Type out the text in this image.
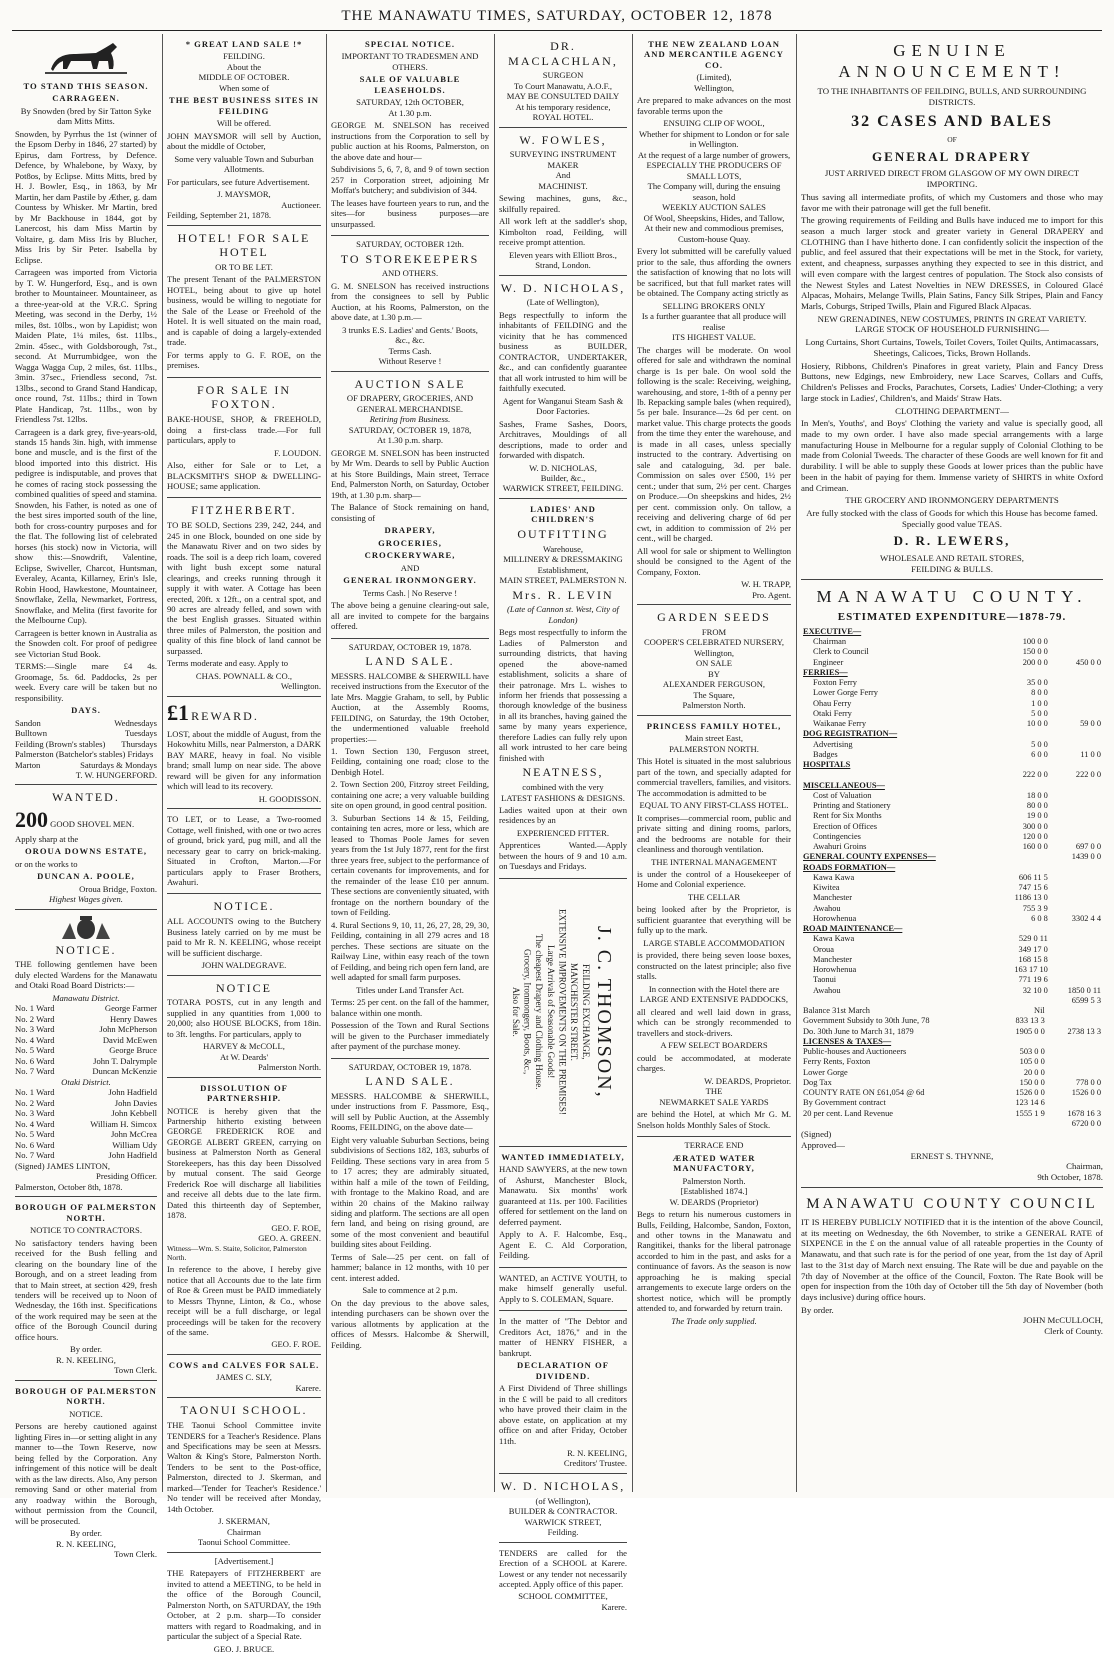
THE MANAWATU TIMES, SATURDAY, OCTOBER 12, 1878
TO STAND THIS SEASON.
CARRAGEEN.

By Snowden (bred by Sir Tatton Syke dam Mitts Mitts.

Snowden, by Pyrrhus the 1st (winner of the Epsom Derby in 1846, 27 started) by Epirus, dam Fortress, by Defence. Defence, by Whalebone, by Waxy, by Pot8os, by Eclipse. Mitts Mitts, bred by H. J. Bowler, Esq., in 1863, by Mr Martin, her dam Pastile by Æther, g. dam Countess by Whisker. Mr Martin, bred by Mr Backhouse in 1844, got by Lanercost, his dam Miss Martin by Voltaire, g. dam Miss Iris by Blucher, Miss Iris by Sir Peter. Isabella by Eclipse.

Carrageen was imported from Victoria by T. W. Hungerford, Esq., and is own brother to Mountaineer. Mountaineer, as a three-year-old at the V.R.C. Spring Meeting, was second in the Derby, 1½ miles, 8st. 10lbs., won by Lapidist; won Maiden Plate, 1¼ miles, 6st. 11lbs., 2min. 45sec., with Goldsborough, 7st., second. At Murrumbidgee, won the Wagga Wagga Cup, 2 miles, 6st. 11lbs., 3min. 37sec., Friendless second, 7st. 13lbs., second to Grand Stand Handicap, once round, 7st. 11lbs.; third in Town Plate Handicap, 7st. 11lbs., won by Friendless 7st. 12lbs.

Carrageen is a dark grey, five-years-old, stands 15 hands 3in. high, with immense bone and muscle, and is the first of the blood imported into this district. His pedigree is indisputable, and proves that he comes of racing stock possessing the combined qualities of speed and stamina. Snowden, his Father, is noted as one of the best sires imported south of the line, both for cross-country purposes and for the flat. The following list of celebrated horses (his stock) now in Victoria, will show this:—Snowdrift, Valentine, Eclipse, Swiveller, Charcot, Huntsman, Everaley, Acanta, Killarney, Erin's Isle, Robin Hood, Hawkestone, Mountaineer, Snowflake, Zella, Newmarket, Fortress, Snowflake, and Melita (first favorite for the Melbourne Cup).

Carrageen is better known in Australia as the Snowden colt. For proof of pedigree see Victorian Stud Book.

TERMS:—Single mare £4 4s. Groomage, 5s. 6d. Paddocks, 2s per week. Every care will be taken but no responsibility.

DAYS.
Sandon	Wednesdays
Bulltown	Tuesdays
Feilding (Brown's stables) Thursdays
Palmerston (Batchelor's stables) Fridays
Marton	Saturdays & Mondays
T. W. HUNGERFORD.
WANTED.
200 GOOD SHOVEL MEN.
Apply sharp at the
OROUA DOWNS ESTATE,
or on the works to
DUNCAN A. POOLE,
Oroua Bridge, Foxton.
Highest Wages given.
NOTICE.

THE following gentlemen have been duly elected Wardens for the Manawatu and Otaki Road Board Districts:—

Manawatu District.
No. 1 Ward	George Farmer
No. 2 Ward	Henry Dawes
No. 3 Ward	John McPherson
No. 4 Ward	David McEwen
No. 5 Ward	George Bruce
No. 6 Ward	John T. Dalrymple
No. 7 Ward	Duncan McKenzie
Otaki District.
No. 1 Ward	John Hadfield
No. 2 Ward	John Davies
No. 3 Ward	John Kebbell
No. 4 Ward	William H. Simcox
No. 5 Ward	John McCrea
No. 6 Ward	William Udy
No. 7 Ward	John Hadfield
(Signed) JAMES LINTON,
Presiding Officer.
Palmerston, October 8th, 1878.
BOROUGH OF PALMERSTON NORTH.
NOTICE TO CONTRACTORS.

No satisfactory tenders having been received for the Bush felling and clearing on the boundary line of the Borough, and on a street leading from that to Main street, at section 429, fresh tenders will be received up to Noon of Wednesday, the 16th inst. Specifications of the work required may be seen at the office of the Borough Council during office hours.

By order.
R. N. KEELING,
Town Clerk.
BOROUGH OF PALMERSTON NORTH.
NOTICE.

Persons are hereby cautioned against lighting Fires in—or setting alight in any manner to—the Town Reserve, now being felled by the Corporation. Any infringement of this notice will be dealt with as the law directs. Also, Any person removing Sand or other material from any roadway within the Borough, without permission from the Council, will be prosecuted.

By order.
R. N. KEELING,
Town Clerk.
* GREAT LAND SALE !*
FEILDING.
About the
MIDDLE OF OCTOBER.
When some of
THE BEST BUSINESS SITES IN FEILDING
Will be offered.

JOHN MAYSMOR will sell by Auction, about the middle of October,

Some very valuable Town and Suburban Allotments.

For particulars, see future Advertisement.

J. MAYSMOR,
Auctioneer.
Feilding, September 21, 1878.
HOTEL! FOR SALE HOTEL
OR TO BE LET.

The present Tenant of the PALMERSTON HOTEL, being about to give up hotel business, would be willing to negotiate for the Sale of the Lease or Freehold of the Hotel. It is well situated on the main road, and is capable of doing a largely-extended trade.

For terms apply to G. F. ROE, on the premises.

FOR SALE IN FOXTON.

BAKE-HOUSE, SHOP, & FREEHOLD, doing a first-class trade.—For full particulars, apply to

F. LOUDON.

Also, either for Sale or to Let, a BLACKSMITH'S SHOP & DWELLING-HOUSE; same application.

FITZHERBERT.

TO BE SOLD, Sections 239, 242, 244, and 245 in one Block, bounded on one side by the Manawatu River and on two sides by roads. The soil is a deep rich loam, covered with light bush except some natural clearings, and creeks running through it supply it with water. A Cottage has been erected, 20ft. x 12ft., on a central spot, and 90 acres are already felled, and sown with the best English grasses. Situated within three miles of Palmerston, the position and quality of this fine block of land cannot be surpassed.

Terms moderate and easy. Apply to

CHAS. POWNALL & CO.,
Wellington.
£1 REWARD.

LOST, about the middle of August, from the Hokowhitu Mills, near Palmerston, a DARK BAY MARE, heavy in foal. No visible brand; small lump on near side. The above reward will be given for any information which will lead to its recovery.

H. GOODISSON.

TO LET, or to Lease, a Two-roomed Cottage, well finished, with one or two acres of ground, brick yard, pug mill, and all the necessary gear to carry on brick-making. Situated in Crofton, Marton.—For particulars apply to Fraser Brothers, Awahuri.

NOTICE.

ALL ACCOUNTS owing to the Butchery Business lately carried on by me must be paid to Mr R. N. KEELING, whose receipt will be sufficient discharge.

JOHN WALDEGRAVE.
NOTICE

TOTARA POSTS, cut in any length and supplied in any quantities from 1,000 to 20,000; also HOUSE BLOCKS, from 18in. to 3ft. lengths. For particulars, apply to

HARVEY & McCOLL,
At W. Deards'
Palmerston North.
DISSOLUTION OF PARTNERSHIP.

NOTICE is hereby given that the Partnership hitherto existing between GEORGE FREDERICK ROE and GEORGE ALBERT GREEN, carrying on business at Palmerston North as General Storekeepers, has this day been Dissolved by mutual consent. The said George Frederick Roe will discharge all liabilities and receive all debts due to the late firm. Dated this thirteenth day of September, 1878.

GEO. F. ROE,
GEO. A. GREEN.
Witness—Wm. S. Staite, Solicitor, Palmerston North.

In reference to the above, I hereby give notice that all Accounts due to the late firm of Roe & Green must be PAID immediately to Messrs Thynne, Linton, & Co., whose receipt will be a full discharge, or legal proceedings will be taken for the recovery of the same.

GEO. F. ROE.
COWS and CALVES FOR SALE.
JAMES C. SLY,
Karere.
TAONUI SCHOOL.

THE Taonui School Committee invite TENDERS for a Teacher's Residence. Plans and Specifications may be seen at Messrs. Walton & King's Store, Palmerston North. Tenders to be sent to the Post-office, Palmerston, directed to J. Skerman, and marked—'Tender for Teacher's Residence.' No tender will be received after Monday, 14th October.

J. SKERMAN,
Chairman
Taonui School Committee.
[Advertisement.]

THE Ratepayers of FITZHERBERT are invited to attend a MEETING, to be held in the office of the Borough Council, Palmerston North, on SATURDAY, the 19th October, at 2 p.m. sharp—To consider matters with regard to Roadmaking, and in particular the subject of a Special Rate.

GEO. J. BRUCE.
SPECIAL NOTICE.
IMPORTANT TO TRADESMEN AND OTHERS.
SALE OF VALUABLE LEASEHOLDS.
SATURDAY, 12th OCTOBER,
At 1.30 p.m.

GEORGE M. SNELSON has received instructions from the Corporation to sell by public auction at his Rooms, Palmerston, on the above date and hour—

Subdivisions 5, 6, 7, 8, and 9 of town section 257 in Corporation street, adjoining Mr Moffat's butchery; and subdivision of 344.

The leases have fourteen years to run, and the sites—for business purposes—are unsurpassed.

SATURDAY, OCTOBER 12th.
TO STOREKEEPERS
AND OTHERS.

G. M. SNELSON has received instructions from the consignees to sell by Public Auction, at his Rooms, Palmerston, on the above date, at 1.30 p.m.—

3 trunks E.S. Ladies' and Gents.' Boots,
&c., &c.
Terms Cash.
Without Reserve !
AUCTION SALE
OF DRAPERY, GROCERIES, AND GENERAL MERCHANDISE.
Retiring from Business.
SATURDAY, OCTOBER 19, 1878,
At 1.30 p.m. sharp.

GEORGE M. SNELSON has been instructed by Mr Wm. Deards to sell by Public Auction at his Store Buildings, Main street, Terrace End, Palmerston North, on Saturday, October 19th, at 1.30 p.m. sharp—

The Balance of Stock remaining on hand, consisting of

DRAPERY,
GROCERIES,
CROCKERYWARE,
AND
GENERAL IRONMONGERY.
Terms Cash. | No Reserve !

The above being a genuine clearing-out sale, all are invited to compete for the bargains offered.

SATURDAY, OCTOBER 19, 1878.
LAND SALE.

MESSRS. HALCOMBE & SHERWILL have received instructions from the Executor of the late Mrs. Maggie Graham, to sell, by Public Auction, at the Assembly Rooms, FEILDING, on Saturday, the 19th October, the undermentioned valuable freehold properties:—

1. Town Section 130, Ferguson street, Feilding, containing one road; close to the Denbigh Hotel.

2. Town Section 200, Fitzroy street Feilding, containing one acre; a very valuable building site on open ground, in good central position.

3. Suburban Sections 14 & 15, Feilding, containing ten acres, more or less, which are leased to Thomas Poole James for seven years from the 1st July 1877, rent for the first three years free, subject to the performance of certain covenants for improvements, and for the remainder of the lease £10 per annum. These sections are conveniently situated, with frontage on the northern boundary of the town of Feilding.

4. Rural Sections 9, 10, 11, 26, 27, 28, 29, 30, Feilding, containing in all 279 acres and 18 perches. These sections are situate on the Railway Line, within easy reach of the town of Feilding, and being rich open fern land, are well adapted for small farm purposes.

Titles under Land Transfer Act.

Terms: 25 per cent. on the fall of the hammer, balance within one month.

Possession of the Town and Rural Sections will be given to the Purchaser immediately after payment of the purchase money.

SATURDAY, OCTOBER 19, 1878.
LAND SALE.

MESSRS. HALCOMBE & SHERWILL, under instructions from F. Passmore, Esq., will sell by Public Auction, at the Assembly Rooms, FEILDING, on the above date—

Eight very valuable Suburban Sections, being subdivisions of Sections 182, 183, suburbs of Feilding. These sections vary in area from 5 to 17 acres; they are admirably situated, within half a mile of the town of Feilding, with frontage to the Makino Road, and are within 20 chains of the Makino railway siding and platform. The sections are all open fern land, and being on rising ground, are some of the most convenient and beautiful building sites about Feilding.

Terms of Sale—25 per cent. on fall of hammer; balance in 12 months, with 10 per cent. interest added.

Sale to commence at 2 p.m.

On the day previous to the above sales, intending purchasers can be shown over the various allotments by application at the offices of Messrs. Halcombe & Sherwill, Feilding.

DR. MACLACHLAN,
SURGEON
To Court Manawatu, A.O.F.,
MAY BE CONSULTED DAILY
At his temporary residence,
ROYAL HOTEL.
W. FOWLES,
SURVEYING INSTRUMENT MAKER
And
MACHINIST.

Sewing machines, guns, &c., skilfully repaired.

All work left at the saddler's shop, Kimbolton road, Feilding, will receive prompt attention.

Eleven years with Elliott Bros., Strand, London.
W. D. NICHOLAS,
(Late of Wellington),

Begs respectfully to inform the inhabitants of FEILDING and the vicinity that he has commenced business as BUILDER, CONTRACTOR, UNDERTAKER, &c., and can confidently guarantee that all work intrusted to him will be faithfully executed.

Agent for Wanganui Steam Sash & Door Factories.

Sashes, Frame Sashes, Doors, Architraves, Mouldings of all descriptions, made to order and forwarded with dispatch.

W. D. NICHOLAS,
Builder, &c.,
WARWICK STREET, FEILDING.
LADIES' AND CHILDREN'S
OUTFITTING
Warehouse,
MILLINERY & DRESSMAKING
Establishment,
MAIN STREET, PALMERSTON N.
Mrs. R. LEVIN
(Late of Cannon st. West, City of London)

Begs most respectfully to inform the Ladies of Palmerston and surrounding districts, that having opened the above-named establishment, solicits a share of their patronage. Mrs L. wishes to inform her friends that possessing a thorough knowledge of the business in all its branches, having gained the same by many years experience, therefore Ladies can fully rely upon all work intrusted to her care being finished with

NEATNESS,
combined with the very
LATEST FASHIONS & DESIGNS.

Ladies waited upon at their own residences by an

EXPERIENCED FITTER.

Apprentices Wanted.—Apply between the hours of 9 and 10 a.m. on Tuesdays and Fridays.

J. C. THOMSON,
FEILDING EXCHANGE,
MANCHESTER STREET.
EXTENSIVE IMPROVEMENTS ON THE PREMISES!
Large Arrivals of Seasonable Goods!
The cheapest Drapery and Clothing House.
Grocery, Ironmongery, Boots, &c.,
Also for Sale.
WANTED IMMEDIATELY,

HAND SAWYERS, at the new town of Ashurst, Manchester Block, Manawatu. Six months' work guaranteed at 11s. per 100. Facilities offered for settlement on the land on deferred payment.

Apply to A. F. Halcombe, Esq., Agent E. C. Ald Corporation, Feilding.

WANTED, an ACTIVE YOUTH, to make himself generally useful. Apply to S. COLEMAN, Square.

In the matter of "The Debtor and Creditors Act, 1876," and in the matter of HENRY FISHER, a bankrupt.

DECLARATION OF DIVIDEND.

A First Dividend of Three shillings in the £ will be paid to all creditors who have proved their claim in the above estate, on application at my office on and after Friday, October 11th.

R. N. KEELING,
Creditors' Trustee.
W. D. NICHOLAS,
(of Wellington),
BUILDER & CONTRACTOR.
WARWICK STREET,
Feilding.

TENDERS are called for the Erection of a SCHOOL at Karere. Lowest or any tender not necessarily accepted. Apply office of this paper.

SCHOOL COMMITTEE,
Karere.
THE NEW ZEALAND LOAN AND MERCANTILE AGENCY CO.
(Limited),
Wellington,

Are prepared to make advances on the most favorable terms upon the

ENSUING CLIP OF WOOL,
Whether for shipment to London or for sale in Wellington.
At the request of a large number of growers,
ESPECIALLY THE PRODUCERS OF SMALL LOTS,
The Company will, during the ensuing season, hold
WEEKLY AUCTION SALES
Of Wool, Sheepskins, Hides, and Tallow,
At their new and commodious premises, Custom-house Quay.

Every lot submitted will be carefully valued prior to the sale, thus affording the owners the satisfaction of knowing that no lots will be sacrificed, but that full market rates will be obtained. The Company acting strictly as

SELLING BROKERS ONLY
Is a further guarantee that all produce will realise
ITS HIGHEST VALUE.

The charges will be moderate. On wool offered for sale and withdrawn the nominal charge is 1s per bale. On wool sold the following is the scale: Receiving, weighing, warehousing, and store, 1-8th of a penny per lb. Repacking sample bales (when required), 5s per bale. Insurance—2s 6d per cent. on market value. This charge protects the goods from the time they enter the warehouse, and is made in all cases, unless specially instructed to the contrary. Advertising on sale and cataloguing, 3d. per bale. Commission on sales over £500, 1½ per cent.; under that sum, 2½ per cent. Charges on Produce.—On sheepskins and hides, 2½ per cent. commission only. On tallow, a receiving and delivering charge of 6d per cwt, in addition to commission of 2½ per cent., will be charged.

All wool for sale or shipment to Wellington should be consigned to the Agent of the Company, Foxton.

W. H. TRAPP,
Pro. Agent.
GARDEN SEEDS
FROM
COOPER'S CELEBRATED NURSERY,
Wellington,
ON SALE
BY
ALEXANDER FERGUSON,
The Square,
Palmerston North.
PRINCESS FAMILY HOTEL,
Main street East,
PALMERSTON NORTH.

This Hotel is situated in the most salubrious part of the town, and specially adapted for commercial travellers, families, and visitors. The accommodation is admitted to be

EQUAL TO ANY FIRST-CLASS HOTEL.

It comprises—commercial room, public and private sitting and dining rooms, parlors, and the bedrooms are notable for their cleanliness and thorough ventilation.

THE INTERNAL MANAGEMENT

is under the control of a Housekeeper of Home and Colonial experience.

THE CELLAR

being looked after by the Proprietor, is sufficient guarantee that everything will be fully up to the mark.

LARGE STABLE ACCOMMODATION

is provided, there being seven loose boxes, constructed on the latest principle; also five stalls.

In connection with the Hotel there are
LARGE AND EXTENSIVE PADDOCKS,

all cleared and well laid down in grass, which can be strongly recommended to travellers and stock-drivers.

A FEW SELECT BOARDERS

could be accommodated, at moderate charges.

W. DEARDS, Proprietor.
THE
NEWMARKET SALE YARDS

are behind the Hotel, at which Mr G. M. Snelson holds Monthly Sales of Stock.

TERRACE END
ÆRATED WATER MANUFACTORY,
Palmerston North.
[Established 1874.]
W. DEARDS (Proprietor)

Begs to return his numerous customers in Bulls, Feilding, Halcombe, Sandon, Foxton, and other towns in the Manawatu and Rangitikei, thanks for the liberal patronage accorded to him in the past, and asks for a continuance of favors. As the season is now approaching he is making special arrangements to execute large orders on the shortest notice, which will be promptly attended to, and forwarded by return train.

The Trade only supplied.
GENUINE ANNOUNCEMENT!
TO THE INHABITANTS OF FEILDING, BULLS, AND SURROUNDING DISTRICTS.
32 CASES AND BALES
OF
GENERAL DRAPERY
JUST ARRIVED DIRECT FROM GLASGOW OF MY OWN DIRECT IMPORTING.

Thus saving all intermediate profits, of which my Customers and those who may favor me with their patronage will get the full benefit.

The growing requirements of Feilding and Bulls have induced me to import for this season a much larger stock and greater variety in General DRAPERY and CLOTHING than I have hitherto done. I can confidently solicit the inspection of the public, and feel assured that their expectations will be met in the Stock, for variety, extent, and cheapness, surpasses anything they expected to see in this district, and will even compare with the largest centres of population. The Stock also consists of the Newest Styles and Latest Novelties in NEW DRESSES, in Coloured Glacé Alpacas, Mohairs, Melange Twills, Plain Satins, Fancy Silk Stripes, Plain and Fancy Marls, Coburgs, Striped Twills, Plain and Figured Black Alpacas.

NEW GRENADINES, NEW COSTUMES, PRINTS IN GREAT VARIETY.
LARGE STOCK OF HOUSEHOLD FURNISHING—

Long Curtains, Short Curtains, Towels, Toilet Covers, Toilet Quilts, Antimacassars, Sheetings, Calicoes, Ticks, Brown Hollands.

Hosiery, Ribbons, Children's Pinafores in great variety, Plain and Fancy Dress Buttons, new Edgings, new Embroidery, new Lace Scarves, Collars and Cuffs, Children's Pelisses and Frocks, Parachutes, Corsets, Ladies' Under-Clothing; a very large stock in Ladies', Children's, and Maids' Straw Hats.

CLOTHING DEPARTMENT—

In Men's, Youths', and Boys' Clothing the variety and value is specially good, all made to my own order. I have also made special arrangements with a large manufacturing House in Melbourne for a regular supply of Colonial Clothing to be made from Colonial Tweeds. The character of these Goods are well known for fit and durability. I will be able to supply these Goods at lower prices than the public have been in the habit of paying for them. Immense variety of SHIRTS in white Oxford and Crimean.

THE GROCERY AND IRONMONGERY DEPARTMENTS

Are fully stocked with the class of Goods for which this House has become famed. Specially good value TEAS.

D. R. LEWERS,
WHOLESALE AND RETAIL STORES,
FEILDING & BULLS.
MANAWATU COUNTY.
ESTIMATED EXPENDITURE—1878-79.
EXECUTIVE—		
Chairman	100 0 0	
Clerk to Council	150 0 0	
Engineer	200 0 0	450 0 0
FERRIES—		
Foxton Ferry	35 0 0	
Lower Gorge Ferry	8 0 0	
Ohau Ferry	1 0 0	
Otaki Ferry	5 0 0	
Waikanae Ferry	10 0 0	59 0 0
DOG REGISTRATION—		
Advertising	5 0 0	
Badges	6 0 0	11 0 0
HOSPITALS		
	222 0 0	222 0 0
MISCELLANEOUS—		
Cost of Valuation	18 0 0	
Printing and Stationery	80 0 0	
Rent for Six Months	19 0 0	
Erection of Offices	300 0 0	
Contingencies	120 0 0	
Awahuri Groins	160 0 0	697 0 0
GENERAL COUNTY EXPENSES—		1439 0 0
ROADS FORMATION—		
Kawa Kawa	606 11 5	
Kiwitea	747 15 6	
Manchester	1186 13 0	
Awahou	755 3 9	
Horowhenua	6 0 8	3302 4 4
ROAD MAINTENANCE—		
Kawa Kawa	529 0 11	
Oroua	349 17 0	
Manchester	168 15 8	
Horowhenua	163 17 10	
Taonui	771 19 6	
Awahou	32 10 0	1850 0 11
		6599 5 3
Balance 31st March	Nil	
Government Subsidy to 30th June, 78	833 13 3	
Do. 30th June to March 31, 1879	1905 0 0	2738 13 3
LICENSES & TAXES—		
Public-houses and Auctioneers	503 0 0	
Ferry Rents, Foxton	105 0 0	
Lower Gorge	20 0 0	
Dog Tax	150 0 0	778 0 0
COUNTY RATE ON £61,054 @ 6d	1526 0 0	1526 0 0
By Government contract	123 14 6	
20 per cent. Land Revenue	1555 1 9	1678 16 3
		6720 0 0
(Signed)
Approved—
ERNEST S. THYNNE,
Chairman,
9th October, 1878.
MANAWATU COUNTY COUNCIL

IT IS HEREBY PUBLICLY NOTIFIED that it is the intention of the above Council, at its meeting on Wednesday, the 6th November, to strike a GENERAL RATE of SIXPENCE in the £ on the annual value of all rateable properties in the County of Manawatu, and that such rate is for the period of one year, from the 1st day of April last to the 31st day of March next ensuing. The Rate will be due and payable on the 7th day of November at the office of the Council, Foxton. The Rate Book will be open for inspection from the 10th day of October till the 5th day of November (both days inclusive) during office hours.

By order.
JOHN McCULLOCH,
Clerk of County.
